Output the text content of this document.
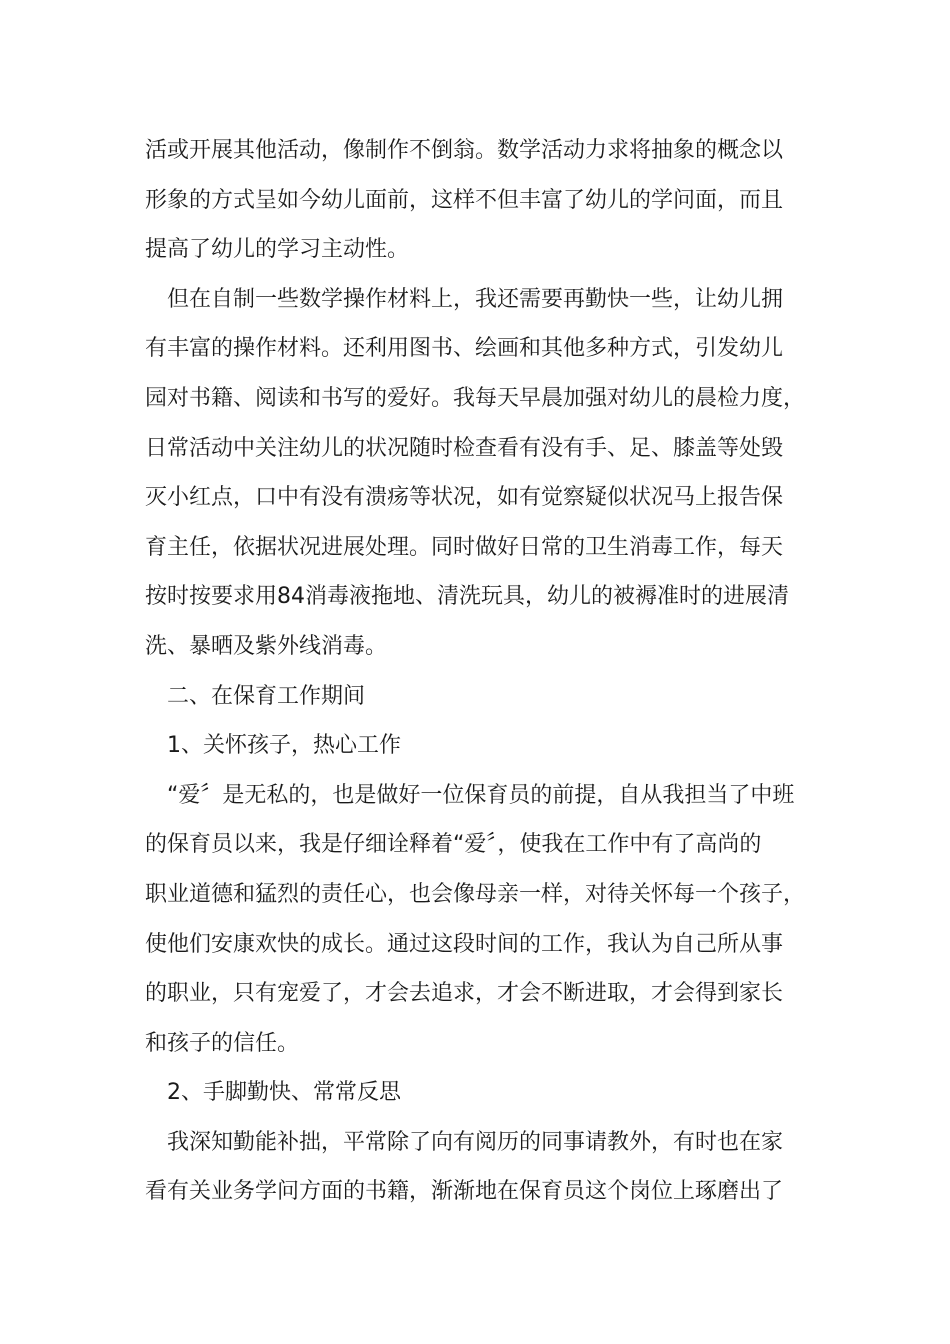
活或开展其他活动，像制作不倒翁。数学活动力求将抽象的概念以
形象的方式呈如今幼儿面前，这样不但丰富了幼儿的学问面，而且
提高了幼儿的学习主动性。
　但在自制一些数学操作材料上，我还需要再勤快一些，让幼儿拥
有丰富的操作材料。还利用图书、绘画和其他多种方式，引发幼儿
园对书籍、阅读和书写的爱好。我每天早晨加强对幼儿的晨检力度，
日常活动中关注幼儿的状况随时检查看有没有手、足、膝盖等处毁
灭小红点，口中有没有溃疡等状况，如有觉察疑似状况马上报告保
育主任，依据状况进展处理。同时做好日常的卫生消毒工作，每天
按时按要求用84消毒液拖地、清洗玩具，幼儿的被褥准时的进展清
洗、暴晒及紫外线消毒。
　二、在保育工作期间
　1、关怀孩子，热心工作
　“爱〞是无私的，也是做好一位保育员的前提，自从我担当了中班
的保育员以来，我是仔细诠释着“爱〞，使我在工作中有了高尚的
职业道德和猛烈的责任心，也会像母亲一样，对待关怀每一个孩子，
使他们安康欢快的成长。通过这段时间的工作，我认为自己所从事
的职业，只有宠爱了，才会去追求，才会不断进取，才会得到家长
和孩子的信任。
　2、手脚勤快、常常反思
　我深知勤能补拙，平常除了向有阅历的同事请教外，有时也在家
看有关业务学问方面的书籍，渐渐地在保育员这个岗位上琢磨出了
